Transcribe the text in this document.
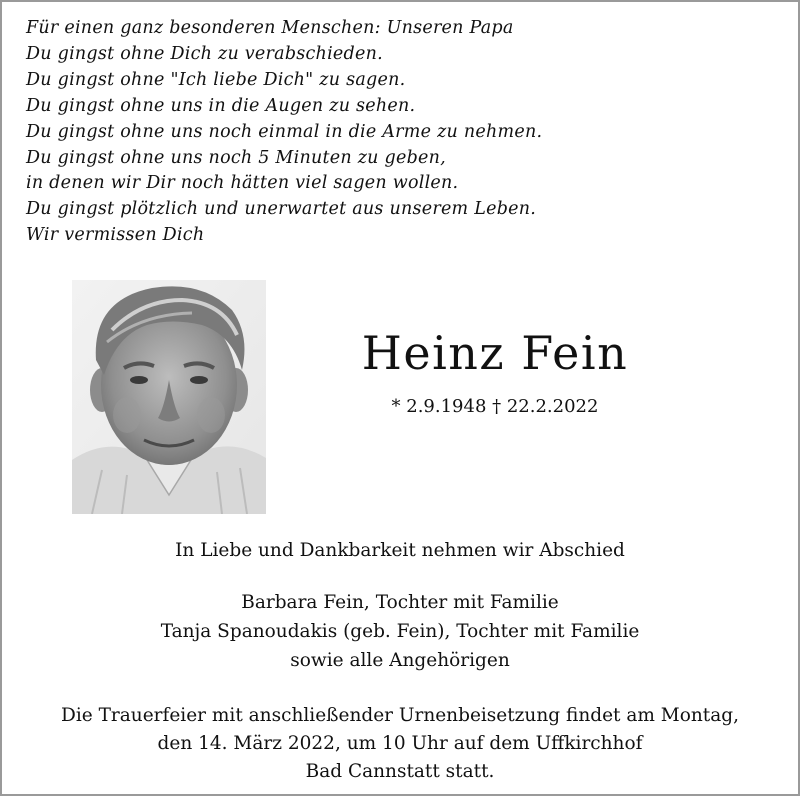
Für einen ganz besonderen Menschen: Unseren Papa
Du gingst ohne Dich zu verabschieden.
Du gingst ohne "Ich liebe Dich" zu sagen.
Du gingst ohne uns in die Augen zu sehen.
Du gingst ohne uns noch einmal in die Arme zu nehmen.
Du gingst ohne uns noch 5 Minuten zu geben,
in denen wir Dir noch hätten viel sagen wollen.
Du gingst plötzlich und unerwartet aus unserem Leben.
Wir vermissen Dich
Heinz Fein
* 2.9.1948 † 22.2.2022
In Liebe und Dankbarkeit nehmen wir Abschied
Barbara Fein, Tochter mit Familie
Tanja Spanoudakis (geb. Fein), Tochter mit Familie
sowie alle Angehörigen
Die Trauerfeier mit anschließender Urnenbeisetzung findet am Montag,
den 14. März 2022, um 10 Uhr auf dem Uffkirchhof
Bad Cannstatt statt.
